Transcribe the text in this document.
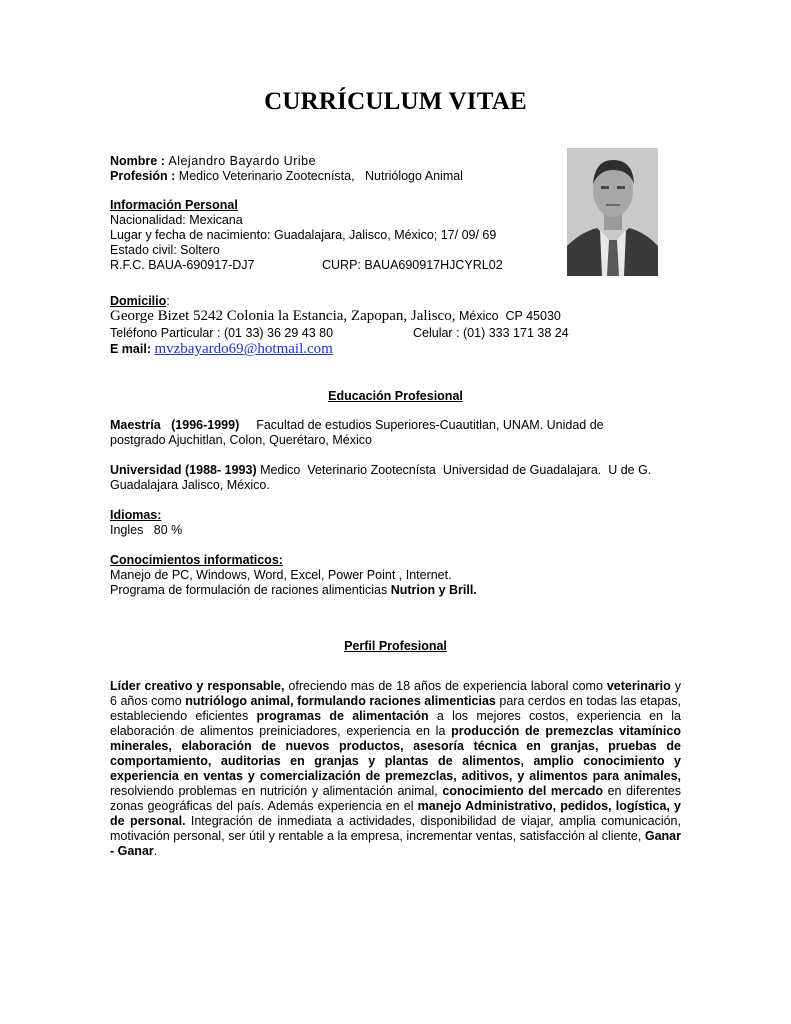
CURRÍCULUM VITAE
Nombre : Alejandro Bayardo Uribe
Profesión : Medico Veterinario Zootecnísta,   Nutriólogo Animal
Información Personal
Nacionalidad: Mexicana
Lugar y fecha de nacimiento: Guadalajara, Jalisco, México; 17/ 09/ 69
Estado civil: Soltero
R.F.C. BAUA-690917-DJ7	CURP: BAUA690917HJCYRL02
Domicilio:
George Bizet 5242 Colonia la Estancia, Zapopan, Jalisco, México  CP 45030
Teléfono Particular : (01 33) 36 29 43 80	Celular : (01) 333 171 38 24
E mail: mvzbayardo69@hotmail.com
Educación Profesional
Maestría   (1996-1999) Facultad de estudios Superiores-Cuautitlan, UNAM. Unidad de
postgrado Ajuchitlan, Colon, Querétaro, México
Universidad (1988- 1993) Medico  Veterinario Zootecnísta  Universidad de Guadalajara.  U de G.
Guadalajara Jalisco, México.
Idiomas:
Ingles   80 %
Conocimientos informaticos:
Manejo de PC, Windows, Word, Excel, Power Point , Internet.
Programa de formulación de raciones alimenticias Nutrion y Brill.
Perfil Profesional
Líder creativo y responsable, ofreciendo mas de 18 años de experiencia laboral como veterinario y 6 años como nutriólogo animal, formulando raciones alimenticias para cerdos en todas las etapas, estableciendo eficientes programas de alimentación a los mejores costos, experiencia en la elaboración de alimentos preiniciadores, experiencia en la producción de premezclas vitamínico minerales, elaboración de nuevos productos, asesoría técnica en granjas, pruebas de comportamiento, auditorias en granjas y plantas de alimentos, amplio conocimiento y experiencia en ventas y comercialización de premezclas, aditivos, y alimentos para animales, resolviendo problemas en nutrición y alimentación animal, conocimiento del mercado en diferentes zonas geográficas del país. Además experiencia en el manejo Administrativo, pedidos, logística, y de personal. Integración de inmediata a actividades, disponibilidad de viajar, amplia comunicación, motivación personal, ser útil y rentable a la empresa, incrementar ventas, satisfacción al cliente, Ganar - Ganar.
